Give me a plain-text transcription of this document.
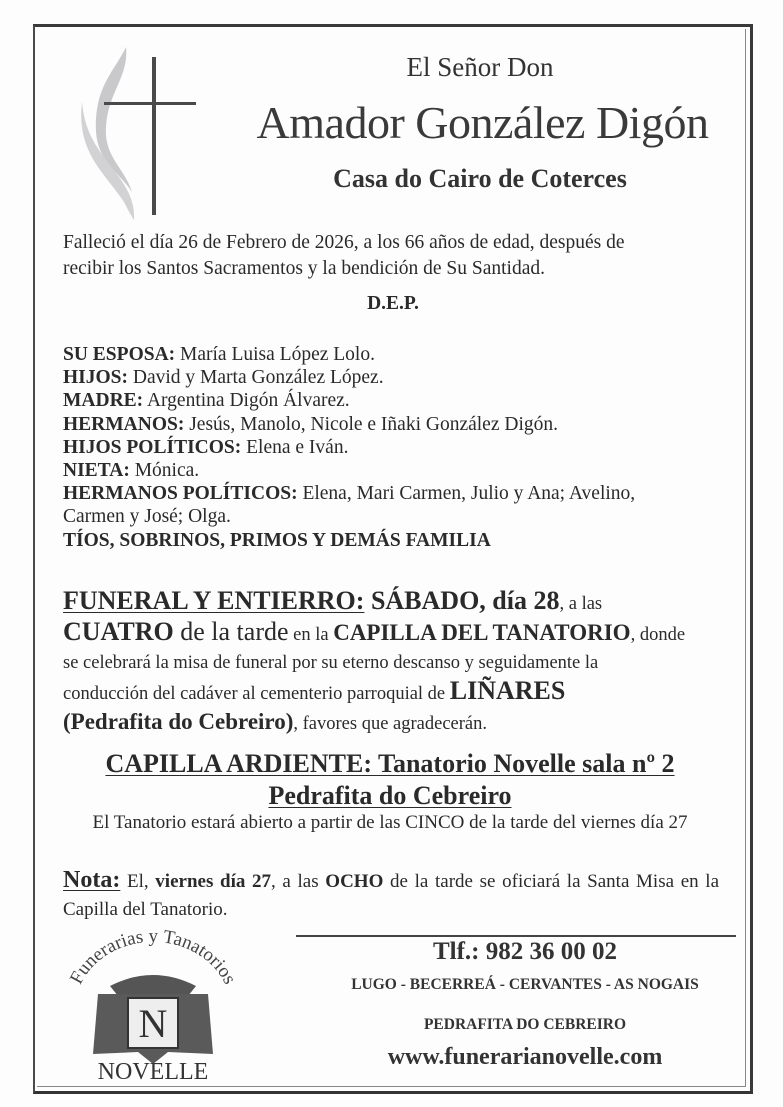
El Señor Don
Amador González Digón
Casa do Cairo de Coterces
Falleció el día 26 de Febrero de 2026, a los 66 años de edad, después de
recibir los Santos Sacramentos y la bendición de Su Santidad.
D.E.P.
SU ESPOSA: María Luisa López Lolo.
HIJOS: David y Marta González López.
MADRE: Argentina Digón Álvarez.
HERMANOS: Jesús, Manolo, Nicole e Iñaki González Digón.
HIJOS POLÍTICOS: Elena e Iván.
NIETA: Mónica.
HERMANOS POLÍTICOS: Elena, Mari Carmen, Julio y Ana; Avelino,
Carmen y José; Olga.
TÍOS, SOBRINOS, PRIMOS Y DEMÁS FAMILIA
FUNERAL Y ENTIERRO: SÁBADO, día 28, a las
CUATRO de la tarde en la CAPILLA DEL TANATORIO, donde
se celebrará la misa de funeral por su eterno descanso y seguidamente la
conducción del cadáver al cementerio parroquial de LIÑARES
(Pedrafita do Cebreiro), favores que agradecerán.
CAPILLA ARDIENTE: Tanatorio Novelle sala nº 2
Pedrafita do Cebreiro
El Tanatorio estará abierto a partir de las CINCO de la tarde del viernes día 27
Nota: El, viernes día 27, a las OCHO de la tarde se oficiará la Santa Misa en la Capilla del Tanatorio.
Funerarias y Tanatorios
N
NOVELLE
Tlf.: 982 36 00 02
LUGO - BECERREÁ - CERVANTES - AS NOGAIS
PEDRAFITA DO CEBREIRO
www.funerarianovelle.com
